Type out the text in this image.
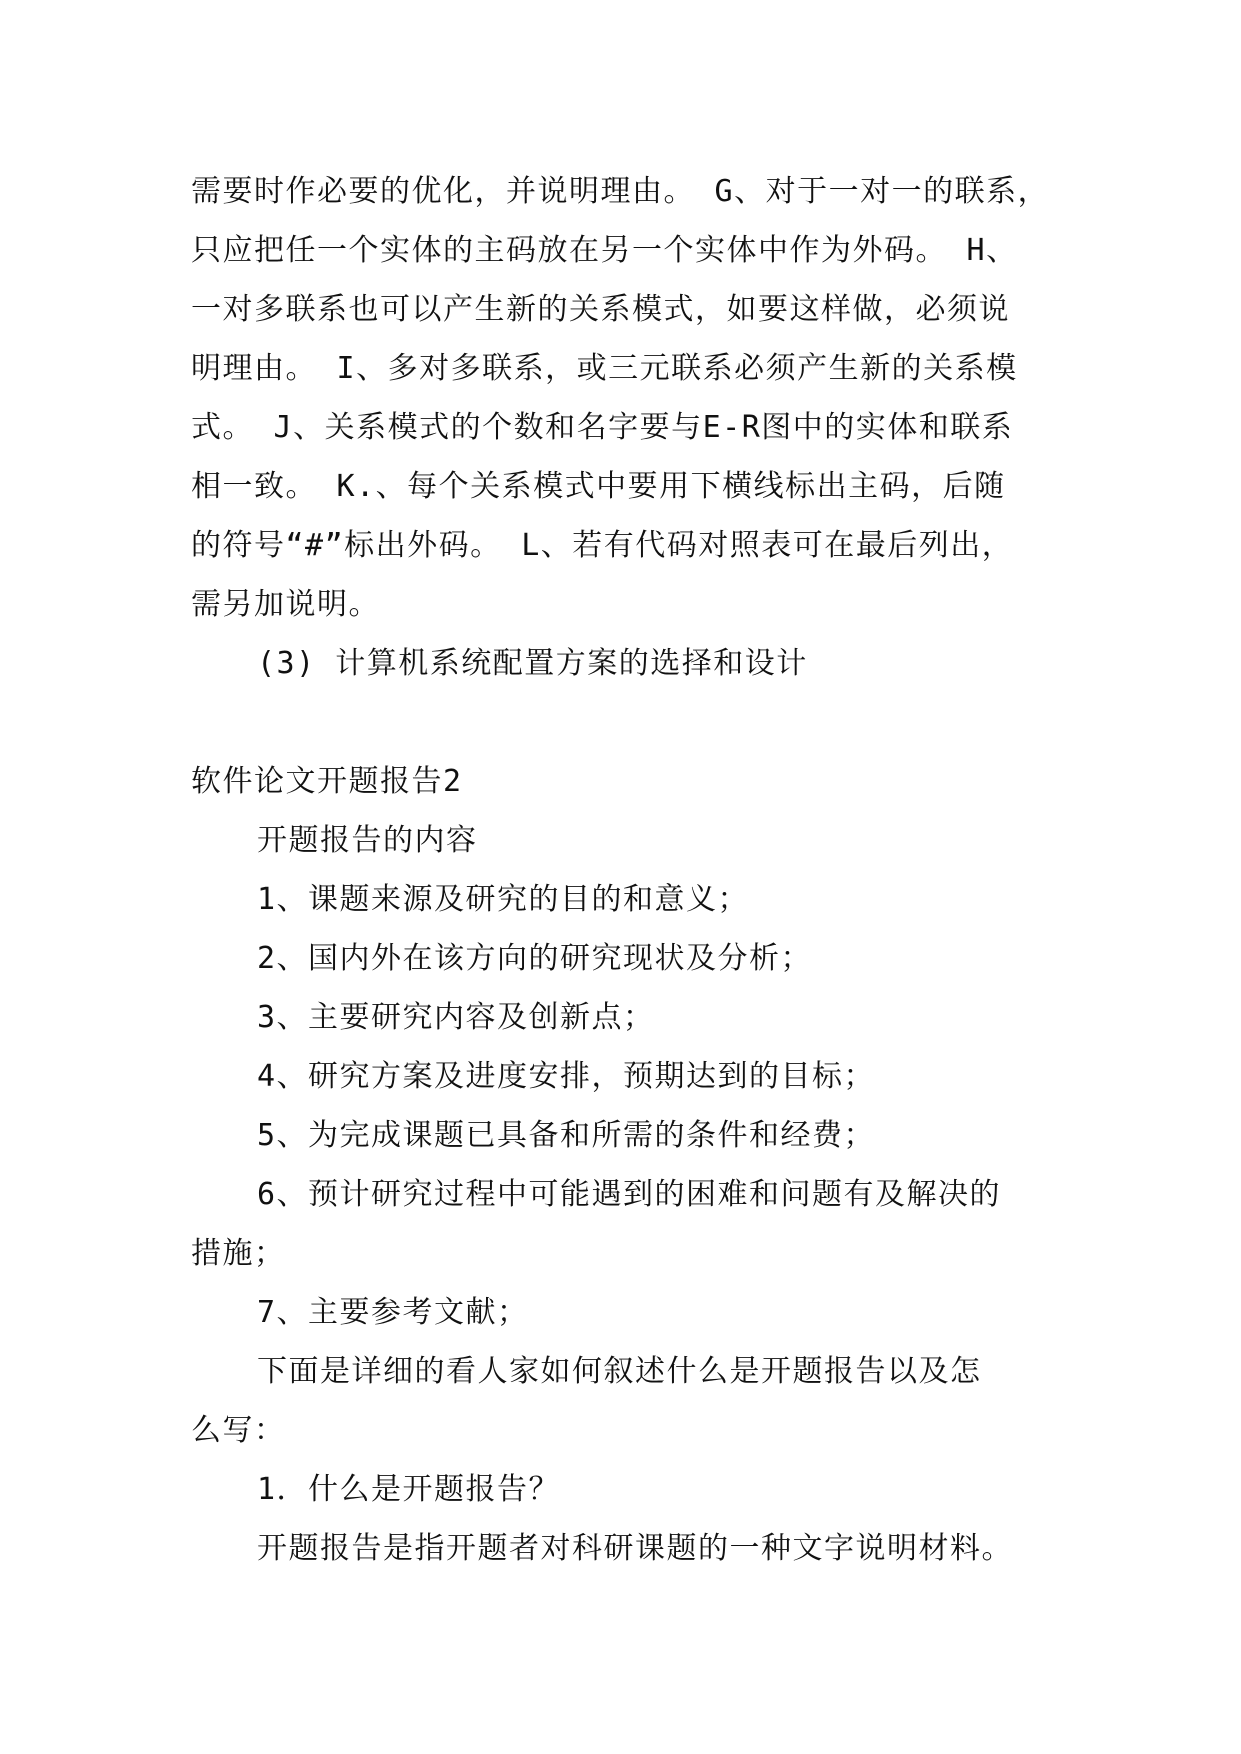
需要时作必要的优化，并说明理由。 G、对于一对一的联系，

只应把任一个实体的主码放在另一个实体中作为外码。 H、

一对多联系也可以产生新的关系模式，如要这样做，必须说

明理由。 I、多对多联系，或三元联系必须产生新的关系模

式。 J、关系模式的个数和名字要与E-R图中的实体和联系

相一致。 K.、每个关系模式中要用下横线标出主码，后随

的符号“#”标出外码。 L、若有代码对照表可在最后列出，

需另加说明。

(3) 计算机系统配置方案的选择和设计

软件论文开题报告2

开题报告的内容

1、课题来源及研究的目的和意义；

2、国内外在该方向的研究现状及分析；

3、主要研究内容及创新点；

4、研究方案及进度安排，预期达到的目标；

5、为完成课题已具备和所需的条件和经费；

6、预计研究过程中可能遇到的困难和问题有及解决的

措施；

7、主要参考文献；

下面是详细的看人家如何叙述什么是开题报告以及怎

么写：

1．什么是开题报告？

开题报告是指开题者对科研课题的一种文字说明材料。
